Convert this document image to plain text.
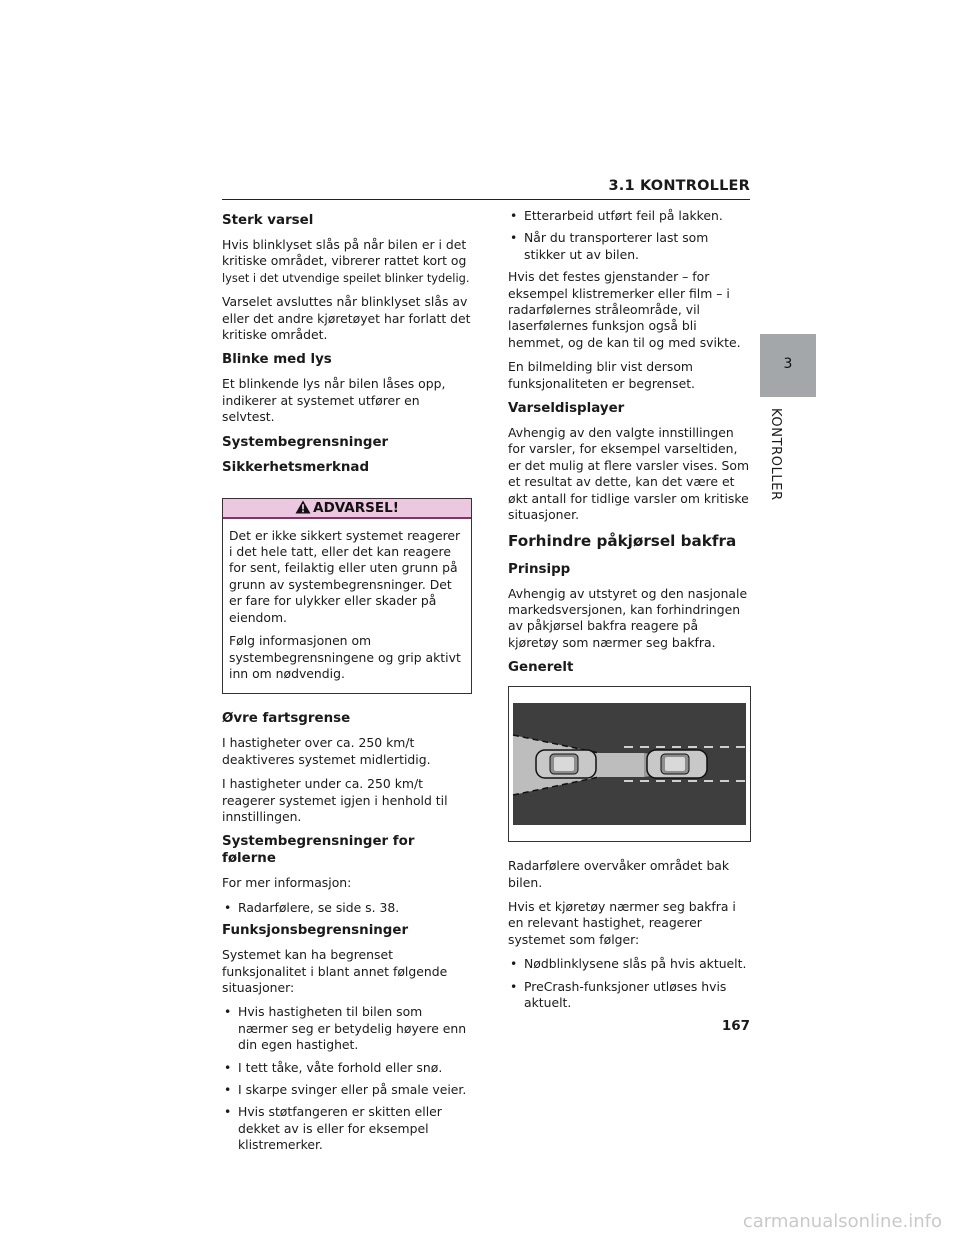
3.1 KONTROLLER
Sterk varsel

Hvis blinklyset slås på når bilen er i det kritiske området, vibrerer rattet kort og
lyset i det utvendige speilet blinker tydelig.

Varselet avsluttes når blinklyset slås av eller det andre kjøretøyet har forlatt det kritiske området.

Blinke med lys

Et blinkende lys når bilen låses opp, indikerer at systemet utfører en selvtest.

Systembegrensninger
Sikkerhetsmerknad
ADVARSEL!

Det er ikke sikkert systemet reagerer i det hele tatt, eller det kan reagere for sent, feilaktig eller uten grunn på grunn av systembegrensninger. Det er fare for ulykker eller skader på eiendom.

Følg informasjonen om systembegrensningene og grip aktivt inn om nødvendig.

Øvre fartsgrense

I hastigheter over ca. 250 km/t deaktiveres systemet midlertidig.

I hastigheter under ca. 250 km/t reagerer systemet igjen i henhold til innstillingen.

Systembegrensninger for følerne

For mer informasjon:

• Radarfølere, se side s. 38.
Funksjonsbegrensninger

Systemet kan ha begrenset funksjonalitet i blant annet følgende situasjoner:

• Hvis hastigheten til bilen som nærmer seg er betydelig høyere enn din egen hastighet.
• I tett tåke, våte forhold eller snø.
• I skarpe svinger eller på smale veier.
• Hvis støtfangeren er skitten eller dekket av is eller for eksempel klistremerker.
• Etterarbeid utført feil på lakken.
• Når du transporterer last som stikker ut av bilen.

Hvis det festes gjenstander – for eksempel klistremerker eller film – i radarfølernes stråleområde, vil laserfølernes funksjon også bli hemmet, og de kan til og med svikte.

En bilmelding blir vist dersom funksjonaliteten er begrenset.

Varseldisplayer

Avhengig av den valgte innstillingen for varsler, for eksempel varseltiden, er det mulig at flere varsler vises. Som et resultat av dette, kan det være et økt antall for tidlige varsler om kritiske situasjoner.

Forhindre påkjørsel bakfra
Prinsipp

Avhengig av utstyret og den nasjonale markedsversjonen, kan forhindringen av påkjørsel bakfra reagere på kjøretøy som nærmer seg bakfra.

Generelt

Radarfølere overvåker området bak bilen.

Hvis et kjøretøy nærmer seg bakfra i en relevant hastighet, reagerer systemet som følger:

• Nødblinklysene slås på hvis aktuelt.
• PreCrash-funksjoner utløses hvis aktuelt.
3
KONTROLLER
167
carmanualsonline.info
